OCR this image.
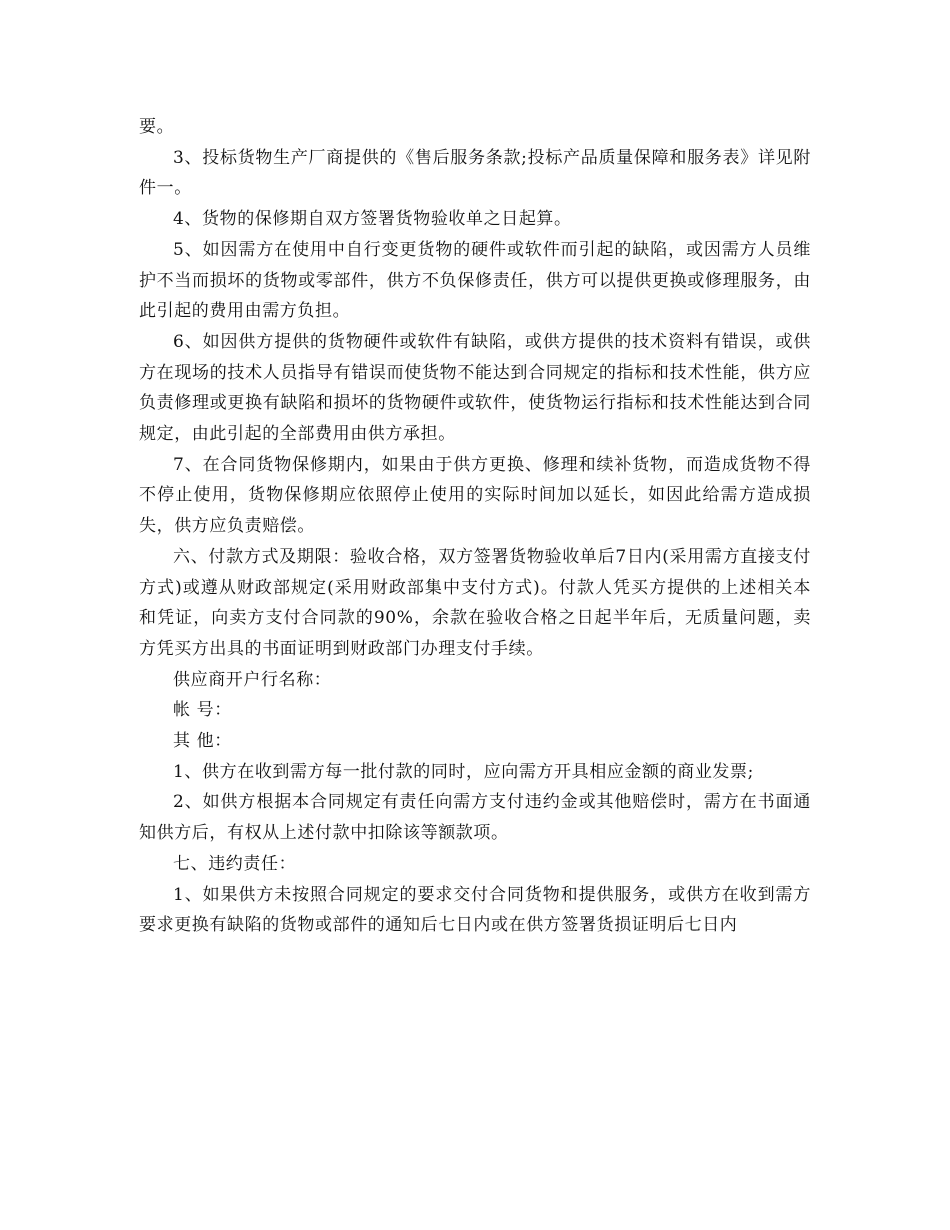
要。

3、投标货物生产厂商提供的《售后服务条款;投标产品质量保障和服务表》详见附件一。

4、货物的保修期自双方签署货物验收单之日起算。

5、如因需方在使用中自行变更货物的硬件或软件而引起的缺陷，或因需方人员维护不当而损坏的货物或零部件，供方不负保修责任，供方可以提供更换或修理服务，由此引起的费用由需方负担。

6、如因供方提供的货物硬件或软件有缺陷，或供方提供的技术资料有错误，或供方在现场的技术人员指导有错误而使货物不能达到合同规定的指标和技术性能，供方应负责修理或更换有缺陷和损坏的货物硬件或软件，使货物运行指标和技术性能达到合同规定，由此引起的全部费用由供方承担。

7、在合同货物保修期内，如果由于供方更换、修理和续补货物，而造成货物不得不停止使用，货物保修期应依照停止使用的实际时间加以延长，如因此给需方造成损失，供方应负责赔偿。

六、付款方式及期限：验收合格，双方签署货物验收单后7日内(采用需方直接支付方式)或遵从财政部规定(采用财政部集中支付方式)。付款人凭买方提供的上述相关本和凭证，向卖方支付合同款的90%，余款在验收合格之日起半年后，无质量问题，卖方凭买方出具的书面证明到财政部门办理支付手续。

供应商开户行名称：

帐 号：

其 他：

1、供方在收到需方每一批付款的同时，应向需方开具相应金额的商业发票;

2、如供方根据本合同规定有责任向需方支付违约金或其他赔偿时，需方在书面通知供方后，有权从上述付款中扣除该等额款项。

七、违约责任：

1、如果供方未按照合同规定的要求交付合同货物和提供服务，或供方在收到需方要求更换有缺陷的货物或部件的通知后七日内或在供方签署货损证明后七日内
